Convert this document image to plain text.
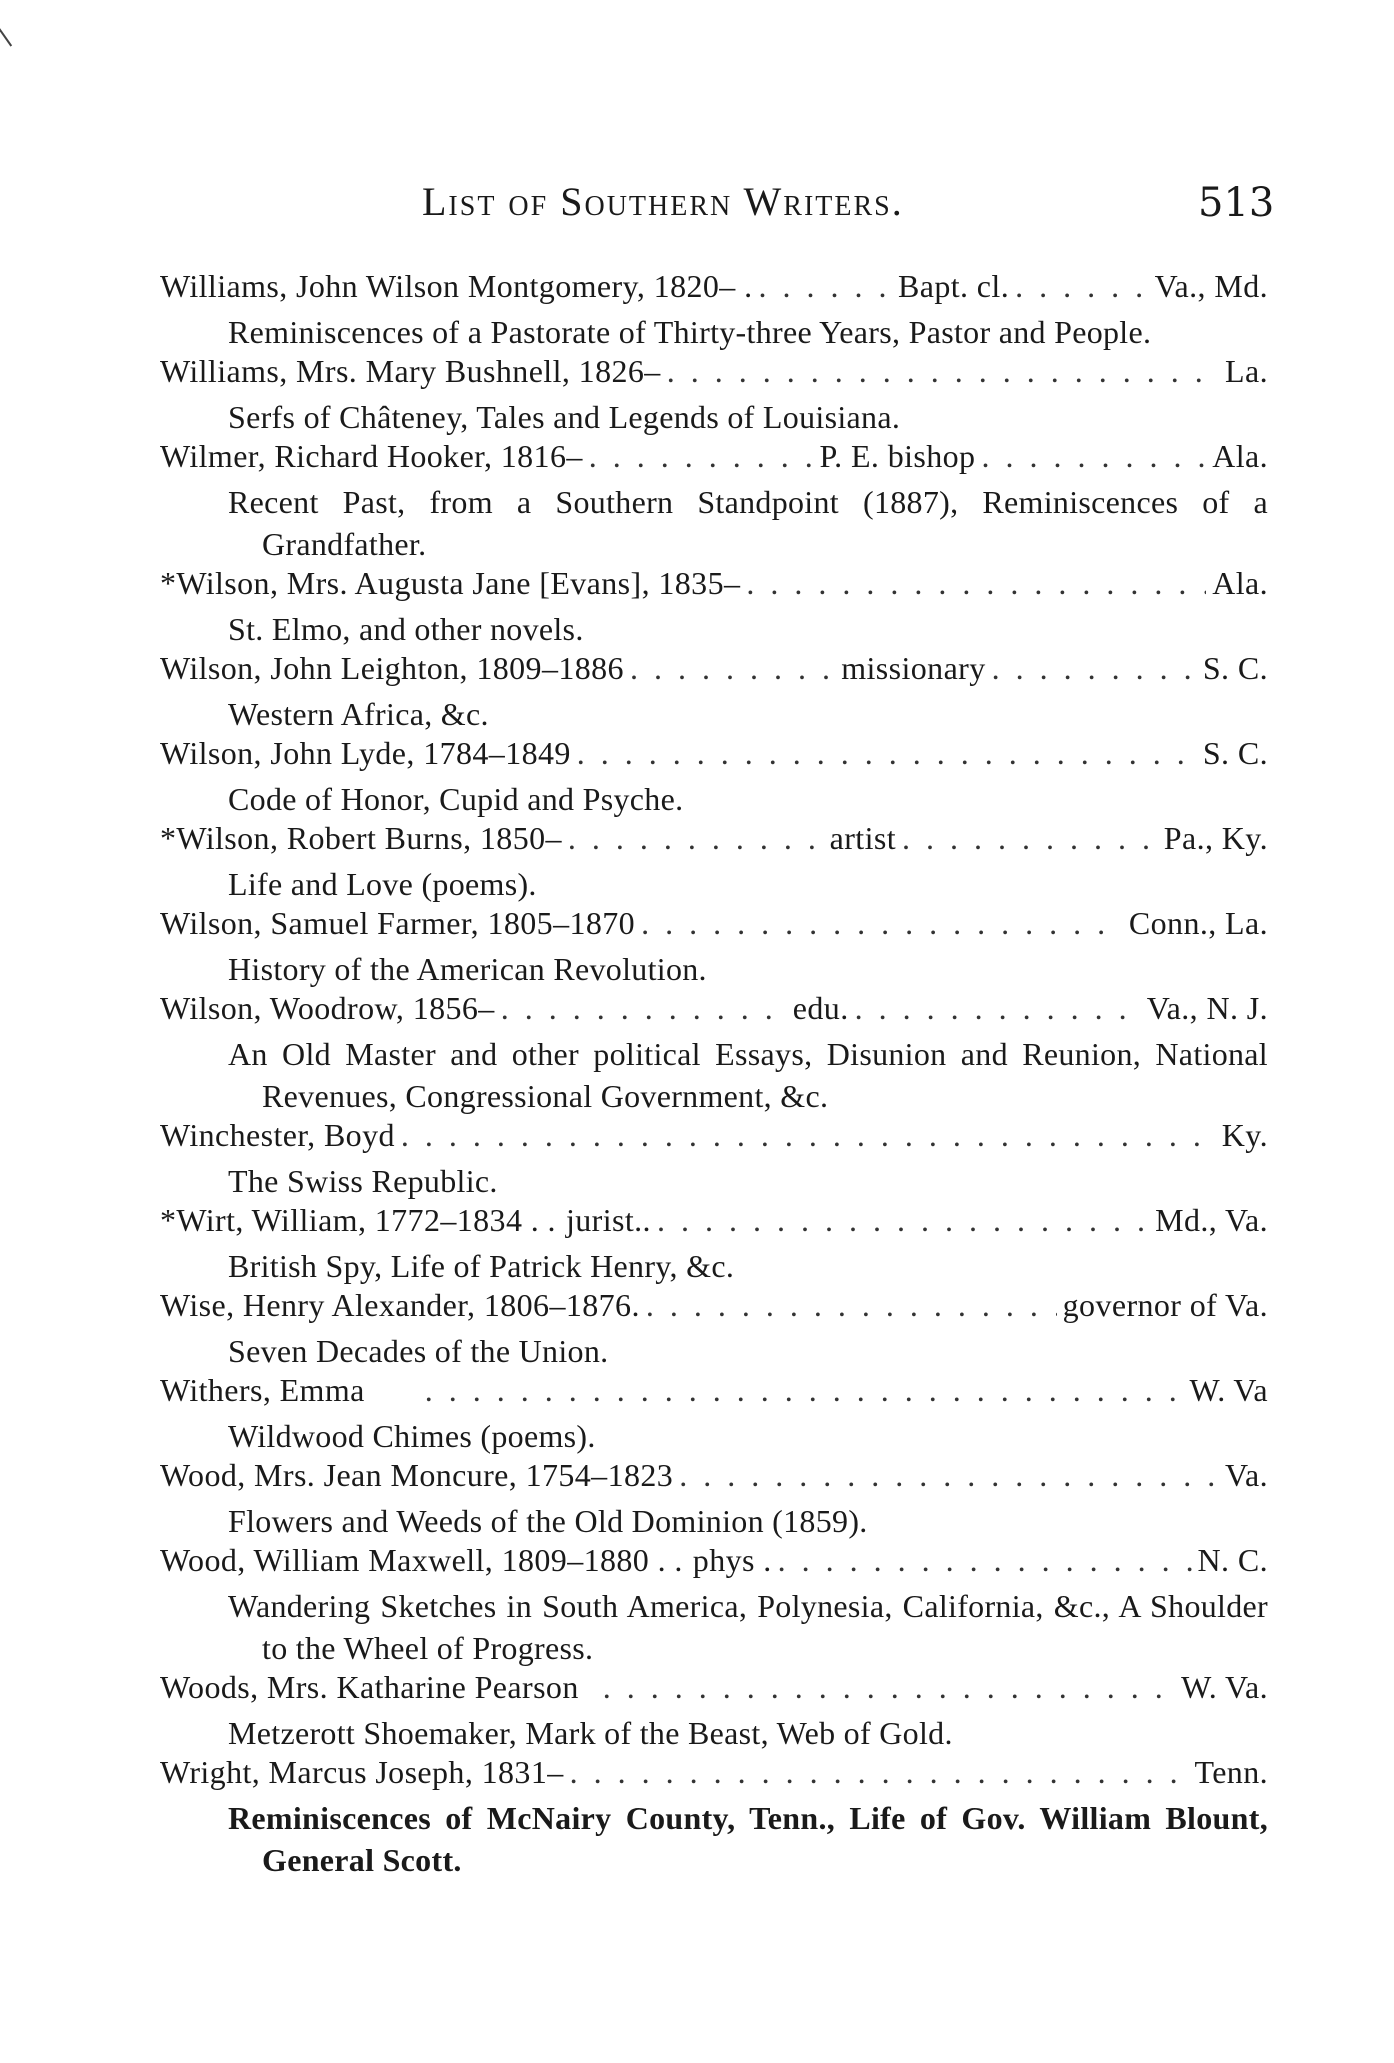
List of Southern Writers.	513
Williams, John Wilson Montgomery, 1820– . . . .	Bapt. cl. . . .	Va., Md.
Reminiscences of a Pastorate of Thirty-three Years, Pastor and People.
Williams, Mrs. Mary Bushnell, 1826– . . .	La.
Serfs of Châteney, Tales and Legends of Louisiana.
Wilmer, Richard Hooker, 1816– . . .	P. E. bishop . . .	Ala.
Recent Past, from a Southern Standpoint (1887), Reminiscences of a Grandfather.
*Wilson, Mrs. Augusta Jane [Evans], 1835– . . .	Ala.
St. Elmo, and other novels.
Wilson, John Leighton, 1809–1886 . . .	missionary . . .	S. C.
Western Africa, &c.
Wilson, John Lyde, 1784–1849 . . .	S. C.
Code of Honor, Cupid and Psyche.
*Wilson, Robert Burns, 1850– . . .	artist . . .	Pa., Ky.
Life and Love (poems).
Wilson, Samuel Farmer, 1805–1870 . . .	Conn., La.
History of the American Revolution.
Wilson, Woodrow, 1856– . . .	edu. . . .	Va., N. J.
An Old Master and other political Essays, Disunion and Reunion, National Revenues, Congressional Government, &c.
Winchester, Boyd . . .	Ky.
The Swiss Republic.
*Wirt, William, 1772–1834 . . jurist.. . . .	Md., Va.
British Spy, Life of Patrick Henry, &c.
Wise, Henry Alexander, 1806–1876. . . .	governor of Va.
Seven Decades of the Union.
Withers, Emma . . .	W. Va
Wildwood Chimes (poems).
Wood, Mrs. Jean Moncure, 1754–1823 . . .	Va.
Flowers and Weeds of the Old Dominion (1859).
Wood, William Maxwell, 1809–1880 . . phys . . . .	N. C.
Wandering Sketches in South America, Polynesia, California, &c., A Shoulder to the Wheel of Progress.
Woods, Mrs. Katharine Pearson . . .	W. Va.
Metzerott Shoemaker, Mark of the Beast, Web of Gold.
Wright, Marcus Joseph, 1831– . . .	Tenn.
Reminiscences of McNairy County, Tenn., Life of Gov. William Blount, General Scott.
